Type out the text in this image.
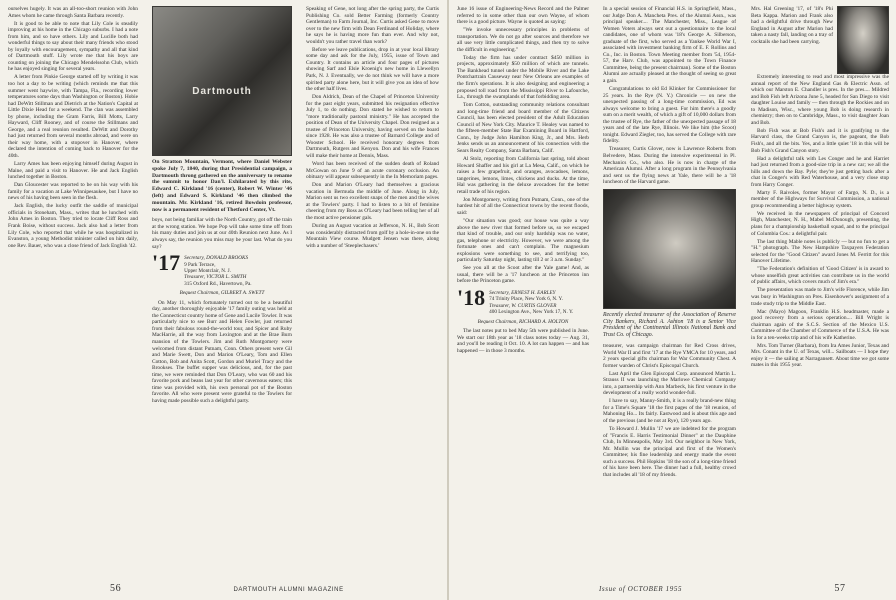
ourselves hugely. It was an all-too-short reunion with John Ames whom he came through Santa Barbara recently.

It is good to be able to note that Lily Cole is steadily improving at his home in the Chicago suburbs. I had a note from him, and so have others. Lily and Lucille both had wonderful things to say about their many friends who stood by loyally with encouragement, sympathy and all that kind of Dartmouth stuff. Lily wrote me that his boys are counting on joining the Chicago Mendelssohn Club, which he has enjoyed singing for several years.

A letter from Pinkie George started off by writing it was too hot a day to be writing (which reminds me that this summer went haywire, with Tampa, Fla., recording lower temperatures some days than Washington or Boston). Hobie had DeWitt Stillman and Dietrich at the Nation's Capital at Little Dixie Head for a weekend. The clan was assembled by phone, including the Gram Farris, Bill Motts, Larry Hayward, Cliff Rooney, and of course the Stillmans and George, and a real reunion resulted. DeWitt and Dorothy had just returned from several months abroad, and were on their way home, with a stopover in Hanover, where declared the intention of coming back to Hanover for the 40th.

Larry Ames has been enjoying himself during August in Maine, and paid a visit to Hanover. He and Jack English lunched together in Boston.

Dan Gloucester was reported to be on his way with his family for a vacation at Lake Winnipesaukee, but I have no news of his having been seen in the flesh.

Jack English, the lucky outfit the saddle of municipal officials in Stoneham, Mass., writes that he lunched with John Ames in Boston. They tried to locate Cliff Ross and Frank Boise, without success. Jack also had a letter from Lily Cole, who reported that while he was hospitalized in Evanston, a young Methodist minister called on him daily, one Rev. Bauer, who was a close friend of Jack English '42.

Dartmouth
On Stratton Mountain, Vermont, where Daniel Webster spoke July 7, 1840, during that Presidential campaign, a Dartmouth throng gathered on the anniversary to rename the summit to honor Dan'l. Exhilarated by this rite, Edward C. Kirkland '16 (center), Robert W. Winter '46 (left) and Edward S. Kirkland '46 then climbed the mountain. Mr. Kirkland '16, retired Bowdoin professor, now is a permanent resident of Thetford Center, Vt.

boys, not being familiar with the North Country, got off the train at the wrong station. We hope Pop will take some time off from his many duties and join us at our 40th Reunion next June. As I always say, the reunion you miss may be your last. What do you say?

'17 Secretary, DONALD BROOKS
9 Park Terrace,
Upper Montclair, N. J.
Treasurer, VICTOR L. SMITH
315 Oxford Rd., Havertown, Pa.
Bequest Chairman, GILBERT A. SWETT

On May 11, which fortunately turned out to be a beautiful day, another thoroughly enjoyable '17 family outing was held at the Connecticut country home of Gene and Lucile Towler. It was particularly nice to see Burr and Helen Fowler, just returned from their fabulous round-the-world tour, and Spicer and Ruby MacHarrie, all the way from Lexington and at the Brae Burn mansion of the Towlers. Jim and Ruth Montgomery were welcomed from distant Putnam, Conn. Others present were Gil and Marie Swett, Don and Marion O'Leary, Tom and Ellen Cotton, Bob and Anita Scott, Gordon and Muriel Tracy and the Brookses. The buffet supper was delicious, and, for the past time, we were reminded that Don O'Leary, who was 60 and his favorite pork and beans last year for other cavernous eaters; this time was provided with, his own personal pot of the Boston favorite. All who were present were grateful to the Towlers for having made possible such a delightful party.

Speaking of Gene, not long after the spring party, the Curtis Publishing Co. sold Better Farming (formerly Country Gentleman) to Farm Journal, Inc. Curtis asked Gene to move over to the new firm with Dean Ferdinand of Holiday, where he says he is having more fun than ever. And why not, wouldn't you rather travel than work?

Before we leave publications, drop in at your local library some day and ask for the July, 1955, issue of Town and Country. It contains an article and four pages of pictures showing Sarf and Elsie Kroenig's new home in Llewellyn Park, N. J. Eventually, we do not think we will have a more spirited party alone here, but it will give you an idea of how the other half lives.

Don Aldrich, Dean of the Chapel of Princeton University for the past eight years, submitted his resignation effective July 1, to do nothing. Don stated he wished to return to "more traditionally pastoral ministry." He has accepted the position of Dean of the University Chapel. Don resigned as a trustee of Princeton University, having served on the board since 1928. He was also a trustee of Barnard College and of Wooster School. He received honorary degrees from Dartmouth, Rutgers and Kenyon. Don and his wife Frances will make their home at Dennis, Mass.

Word has been received of the sudden death of Roland McGowan on June 9 of an acute coronary occlusion. An obituary will appear subsequently in the In Memoriam pages.

Don and Marion O'Leary had themselves a gracious vacation in Bermuda the middle of June. Along in July, Marion sent us two excellent snaps of the men and the wives at the Towlers' party. I had to listen to a bit of feminine cheering from my Boss as O'Leary had been telling her of all the most active pensioner gals.

During an August vacation at Jefferson, N. H., Bob Scott was considerably distracted from golf by a hole-in-one on the Mountain View course. Mudgett Jensen was there, along with a number of 'Steeplechasers.'

56	DARTMOUTH ALUMNI MAGAZINE

June 16 issue of Engineering-News Record and the Palmer referred to in some other than our own Wayne, of whom there is a good picture. Wayne is quoted as saying:

"We invoke unnecessary principles in problems of transportation. We do not go after sources and therefore we all use very little complicated things, and then try to solve the difficult in engineering."

Today the firm has under contract $450 million in projects, approximately $50 million of which are tunnels. The Bankhead tunnel under the Mobile River and the Lake Pontchartrain Causeway near New Orleans are examples of the firm's operations. It is also designing and engineering a proposed toll road from the Mississippi River to Lafourche, La., through the swamplands of that forbidding area.

Tom Cotton, outstanding community relations consultant and long-time friend and board member of the Citizens Council, has been elected president of the Adult Education Council of New York City. Maurice T. Healey was named to the fifteen-member State Bar Examining Board in Hartford, Conn., by Judge John Hamilton King, Jr., and Mrs. Herb Jenks sends us an announcement of his connection with the Sears Realty Company, Santa Barbara, Calif.

Al Stolz, reporting from California last spring, told about Howard Shaffer and his girl at La Mesa, Calif., on which he raises a few grapefruit, and oranges, avocadoes, lemons, tangerines, lemons, limes, chickens and ducks. At the time, Hal was gathering in the deluxe avocadoes for the better retail trade of his region.

Jon Montgomery, writing from Putnam, Conn., one of the hardest hit of all the Connecticut towns by the recent floods, said:

"Our situation was good; our house was quite a way above the new river that formed before us, so we escaped that kind of trouble, and our only hardship was no water, gas, telephone or electricity. However, we were among the fortunate ones and can't complain. The magnesium explosions were something to see, and terrifying too, particularly Saturday night, lasting till 2 or 3 a.m. Sunday."

See you all at the Scoot after the Yale game! And, as usual, there will be a '17 luncheon at the Princeton inn before the Princeton game.

'18 Secretary, ERNEST H. EARLEY
74 Trinity Place, New York 6, N. Y.
Treasurer, W. CURTIS GLOVER
400 Lexington Ave., New York 17, N. Y.
Bequest Chairman, RICHARD A. HOLTON

The last notes put to bed May 5th were published in June. We start our 18th year as '18 class notes today — Aug. 31, and you'll be reading it Oct. 10. A lot can happen — and has happened — in those 3 months.

In a special session of Financial H.S. in Springfield, Mass., our Judge Don A. Mancheta Pres. of the Alumni Assn., was principal speaker.... The Manchester, Miss., League of Women Voters always sent out a questionnaire to the local candidates, one of whom was '18's George A. Silberson, graduate of the first, who served as a Yankee World War I, associated with investment banking firm of E. F. Rollins and Co., Inc. in Boston. Town Meeting member from '54, 1954-57, the Harv. Club, was appointed to the Town Finance Committee, being the present chairman). Some of the Boston Alumni are actually pleased at the thought of seeing so great a gain.

Congratulations to old Ed Klinker for Commissioner for 25 years. In the Rye (N. Y.) Chronicle — on new the unexpected passing of a long-time commission, Ed was always welcome to bring a guest. For him there's a goodly sum on a merit wealth, of which a gift of 10,000 dollars from the trustee of Rye, the father of the unexpected passage of 18 years and of the late Rye, Illinois. We like him (the Scoot) tonight. Edward Ziegler, too, has served the College with rare fidelity.

Treasurer, Curtis Glover, now is Lawrence Roberts from Belvedere, Mass. During the intensive experimental in Pl. Mechanics Co., who also. He is now in charge of the American Alumni. After a long program in the Pennsylvania and sent us the flying news at Yale, there will be a '18 luncheon of the Harvard game.

Recently elected treasurer of the Association of Reserve City Bankers, Richard A. Ashton '18 is a Senior Vice President of the Continental Illinois National Bank and Trust Co. of Chicago.

treasurer, was campaign chairman for Red Cross drives, World War II and first '17 at the Rye YMCA for 10 years, and 2 years special gifts chairman for War Community Chest. A former warden of Christ's Episcopal Church.

Last April the Glen Episcopal Corp. announced Martin L. Strauss II was launching the Marlowe Chemical Company into, a partnership with Ann Marbeck, his first venture in the development of a really world wonder-full.

I have to say, Manny-Smith, it is a really brand-new thing for a Time's Square '18 the first pages of the '18 reunion, of Mahoning Ho... Its fairly. Eastwood and is about this age and of the previous (and be not at Rye), 120 years ago.

To Howard J. Mullin '17 we are indebted for the program of "Francis E. Harris Testimonial Dinner" at the Dauphine Club, In Minneapolis, May 3rd. Our neighbor in New York, Mr. Mullin was the principal and first of the Women's Committee; his fine leadership and energy made the event such a success. Phil Hopkins '18 the son of a long-time friend of his have been here. The dinner had a full, healthy crowd that includes all '18 of my friends.

Mrs. Hal Greening '17, of '18's Phi Beta Kappa. Marion and Frank also had a delightful drive through New England in August after Marion had taken a nasty fall, landing on a tray of cocktails she had been carrying.

Extremely interesting to read and most impressive was the annual report of the New England Gas & Electric Assn. of which our Marston E. Chandler is pres. In the pres.... Mildred and Bob Fish left Arizona June 5, headed for San Diego to visit daughter Louise and family — then through the Rockies and on to Madison, Wisc., where young Bob is doing research in chemistry; then on to Cambridge, Mass., to visit daughter Joan and Bob.

Bob Fish was at Bob Fish's and it is gratifying to the Harvard class, the Grand Canyon is, the pageant, the Bob Fish's, and all the bits. Yes, and a little quiet '18 in this will be Bob Fish's Grand Canyon story.

Had a delightful talk with Les Conger and he and Harriet had just returned from a good-size trip in a new car; we all the hills and down the Bay. Pyle; they're just getting back after a chat in Conger's with Red Waterhouse, and a very close stop from Harry Conger.

Marty F. Raivoles, former Mayor of Fargo, N. D., is a member of the Highways for Survival Commission, a national group recommending a better highway system.

We received in the newspapers of principal of Concord High, Manchester, N. H., Mabel McDonough, presenting, the plans for a championship basketball squad, and to the principal of Columbia Cos.: a delightful pair.

The last thing Mable notes is publicly — but no fun to get a "H." photograph. The New Hampshire Taxpayers Federation selected for the "Good Citizen" award Jones M. Ferritt for this Hanover Lifetime.

"The Federation's definition of 'Good Citizen' is in award to whose unselfish great activities can contribute us in the world of public affairs, which covers much of Jim's era."

The presentation was made to Jim's wife Florence, while Jim was busy in Washington on Pres. Eisenhower's assignment of a trade study trip to the Middle East.

Mac (Mayo) Magoon, Franklin H.S. headmaster, made a good recovery from a serious operation.... Bill Wright is chairman again of the S.C.S. Section of the Mexico U.S. Committee of the Chamber of Commerce of the U.S.A. He was in for a ten-weeks trip and of his wife Katherine.

Mrs. Tom Turner (Barbara), from Ira Ames Junior, Texas and Mrs. Conant in the U. of Texas, will... Sailboats — I hope they enjoy it — the sailing at Narragansett. About time we got some mates in this 1955 year.

Issue of OCTOBER 1955	57
